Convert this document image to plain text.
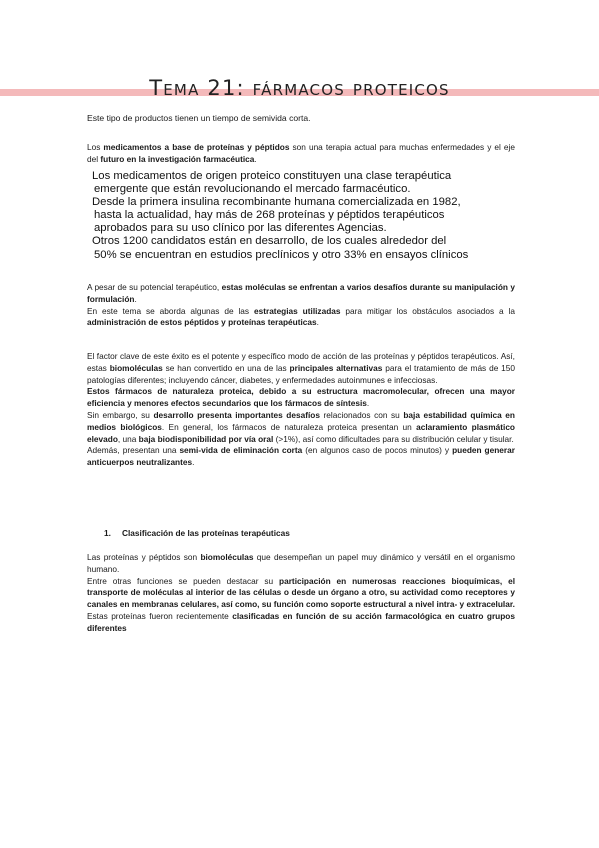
Tema 21: fármacos proteicos

Este tipo de productos tienen un tiempo de semivida corta.

Los medicamentos a base de proteínas y péptidos son una terapia actual para muchas enfermedades y el eje del futuro en la investigación farmacéutica.

Los medicamentos de origen proteico constituyen una clase terapéutica
emergente que están revolucionando el mercado farmacéutico.
Desde la primera insulina recombinante humana comercializada en 1982,
hasta la actualidad, hay más de 268 proteínas y péptidos terapéuticos
aprobados para su uso clínico por las diferentes Agencias.
Otros 1200 candidatos están en desarrollo, de los cuales alrededor del
50% se encuentran en estudios preclínicos y otro 33% en ensayos clínicos

A pesar de su potencial terapéutico, estas moléculas se enfrentan a varios desafíos durante su manipulación y formulación.
En este tema se aborda algunas de las estrategias utilizadas para mitigar los obstáculos asociados a la administración de estos péptidos y proteínas terapéuticas.

El factor clave de este éxito es el potente y específico modo de acción de las proteínas y péptidos terapéuticos. Así, estas biomoléculas se han convertido en una de las principales alternativas para el tratamiento de más de 150 patologías diferentes; incluyendo cáncer, diabetes, y enfermedades autoinmunes e infecciosas.
Estos fármacos de naturaleza proteica, debido a su estructura macromolecular, ofrecen una mayor eficiencia y menores efectos secundarios que los fármacos de síntesis.
Sin embargo, su desarrollo presenta importantes desafíos relacionados con su baja estabilidad química en medios biológicos. En general, los fármacos de naturaleza proteica presentan un aclaramiento plasmático elevado, una baja biodisponibilidad por vía oral (>1%), así como dificultades para su distribución celular y tisular.
Además, presentan una semi-vida de eliminación corta (en algunos caso de pocos minutos) y pueden generar anticuerpos neutralizantes.

1. Clasificación de las proteínas terapéuticas

Las proteínas y péptidos son biomoléculas que desempeñan un papel muy dinámico y versátil en el organismo humano.
Entre otras funciones se pueden destacar su participación en numerosas reacciones bioquímicas, el transporte de moléculas al interior de las células o desde un órgano a otro, su actividad como receptores y canales en membranas celulares, así como, su función como soporte estructural a nivel intra- y extracelular.
Estas proteínas fueron recientemente clasificadas en función de su acción farmacológica en cuatro grupos diferentes
